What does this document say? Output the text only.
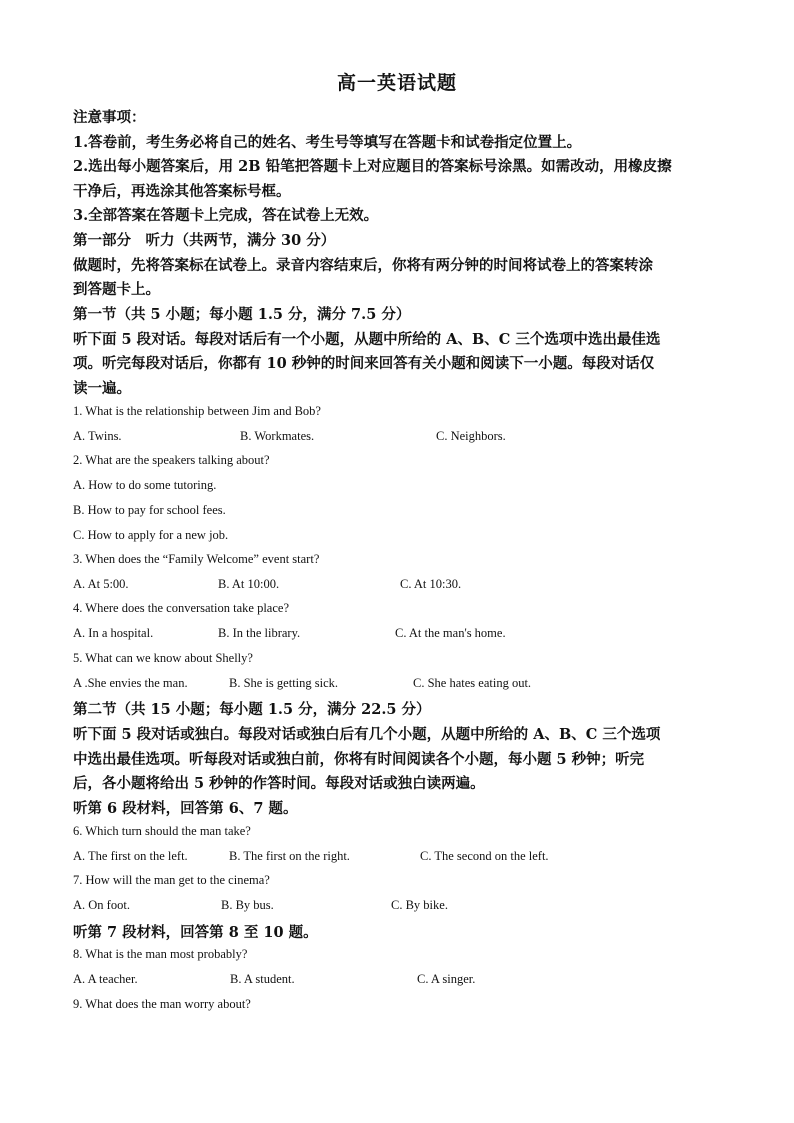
高一英语试题
注意事项：
1.答卷前，考生务必将自己的姓名、考生号等填写在答题卡和试卷指定位置上。
2.选出每小题答案后，用 2B 铅笔把答题卡上对应题目的答案标号涂黑。如需改动，用橡皮擦
干净后，再选涂其他答案标号框。
3.全部答案在答题卡上完成，答在试卷上无效。
第一部分　听力（共两节，满分 30 分）
做题时，先将答案标在试卷上。录音内容结束后，你将有两分钟的时间将试卷上的答案转涂
到答题卡上。
第一节（共 5 小题；每小题 1.5 分，满分 7.5 分）
听下面 5 段对话。每段对话后有一个小题，从题中所给的 A、B、C 三个选项中选出最佳选
项。听完每段对话后，你都有 10 秒钟的时间来回答有关小题和阅读下一小题。每段对话仅
读一遍。
1. What is the relationship between Jim and Bob?
A. Twins.	B. Workmates.	C. Neighbors.
2. What are the speakers talking about?
A. How to do some tutoring.
B. How to pay for school fees.
C. How to apply for a new job.
3. When does the “Family Welcome” event start?
A. At 5:00.	B. At 10:00.	C. At 10:30.
4. Where does the conversation take place?
A. In a hospital.	B. In the library.	C. At the man's home.
5. What can we know about Shelly?
A .She envies the man.	B. She is getting sick.	C. She hates eating out.
第二节（共 15 小题；每小题 1.5 分，满分 22.5 分）
听下面 5 段对话或独白。每段对话或独白后有几个小题，从题中所给的 A、B、C 三个选项
中选出最佳选项。听每段对话或独白前，你将有时间阅读各个小题，每小题 5 秒钟；听完
后，各小题将给出 5 秒钟的作答时间。每段对话或独白读两遍。
听第 6 段材料，回答第 6、7 题。
6. Which turn should the man take?
A. The first on the left.	B. The first on the right.	C. The second on the left.
7. How will the man get to the cinema?
A. On foot.	B. By bus.	C. By bike.
听第 7 段材料，回答第 8 至 10 题。
8. What is the man most probably?
A. A teacher.	B. A student.	C. A singer.
9. What does the man worry about?
